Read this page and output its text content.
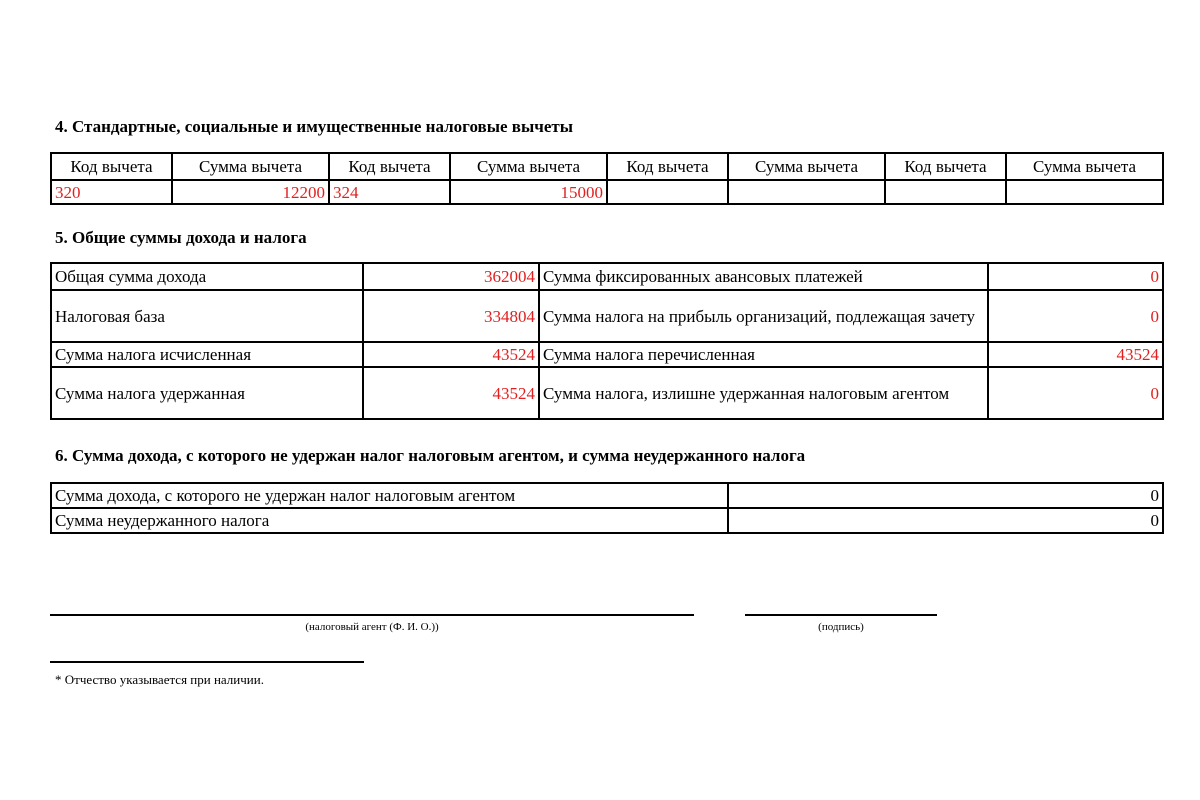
4. Стандартные, социальные и имущественные налоговые вычеты
Код вычета	Сумма вычета	Код вычета	Сумма вычета	Код вычета	Сумма вычета	Код вычета	Сумма вычета
320	12200	324	15000				
5. Общие суммы дохода и налога
Общая сумма дохода	362004	Сумма фиксированных авансовых платежей	0
Налоговая база	334804	Сумма налога на прибыль организаций, подлежащая зачету	0
Сумма налога исчисленная	43524	Сумма налога перечисленная	43524
Сумма налога удержанная	43524	Сумма налога, излишне удержанная налоговым агентом	0
6. Сумма дохода, с которого не удержан налог налоговым агентом, и сумма неудержанного налога
Сумма дохода, с которого не удержан налог налоговым агентом	0
Сумма неудержанного налога	0
(налоговый агент (Ф. И. О.))	(подпись)
* Отчество указывается при наличии.
